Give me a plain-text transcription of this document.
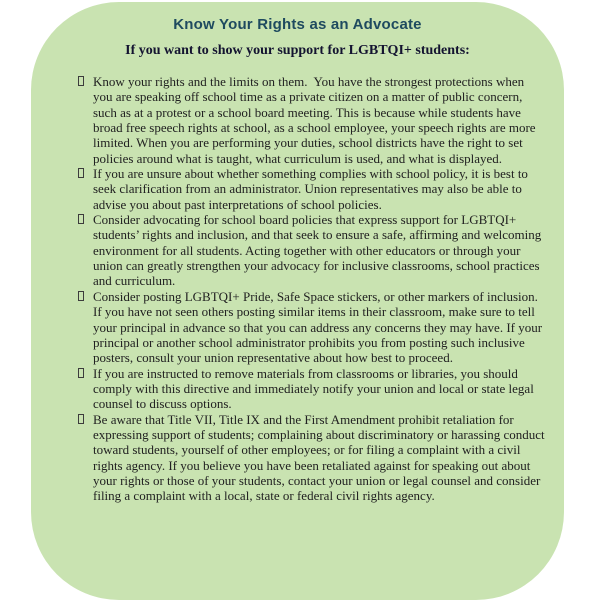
Know Your Rights as an Advocate
If you want to show your support for LGBTQI+ students:
Know your rights and the limits on them.  You have the strongest protections when you are speaking off school time as a private citizen on a matter of public concern, such as at a protest or a school board meeting. This is because while students have broad free speech rights at school, as a school employee, your speech rights are more limited. When you are performing your duties, school districts have the right to set policies around what is taught, what curriculum is used, and what is displayed.
If you are unsure about whether something complies with school policy, it is best to seek clarification from an administrator. Union representatives may also be able to advise you about past interpretations of school policies.
Consider advocating for school board policies that express support for LGBTQI+ students’ rights and inclusion, and that seek to ensure a safe, affirming and welcoming environment for all students. Acting together with other educators or through your union can greatly strengthen your advocacy for inclusive classrooms, school practices and curriculum.
Consider posting LGBTQI+ Pride, Safe Space stickers, or other markers of inclusion. If you have not seen others posting similar items in their classroom, make sure to tell your principal in advance so that you can address any concerns they may have. If your principal or another school administrator prohibits you from posting such inclusive posters, consult your union representative about how best to proceed.
If you are instructed to remove materials from classrooms or libraries, you should comply with this directive and immediately notify your union and local or state legal counsel to discuss options.
Be aware that Title VII, Title IX and the First Amendment prohibit retaliation for expressing support of students; complaining about discriminatory or harassing conduct toward students, yourself of other employees; or for filing a complaint with a civil rights agency. If you believe you have been retaliated against for speaking out about your rights or those of your students, contact your union or legal counsel and consider filing a complaint with a local, state or federal civil rights agency.
